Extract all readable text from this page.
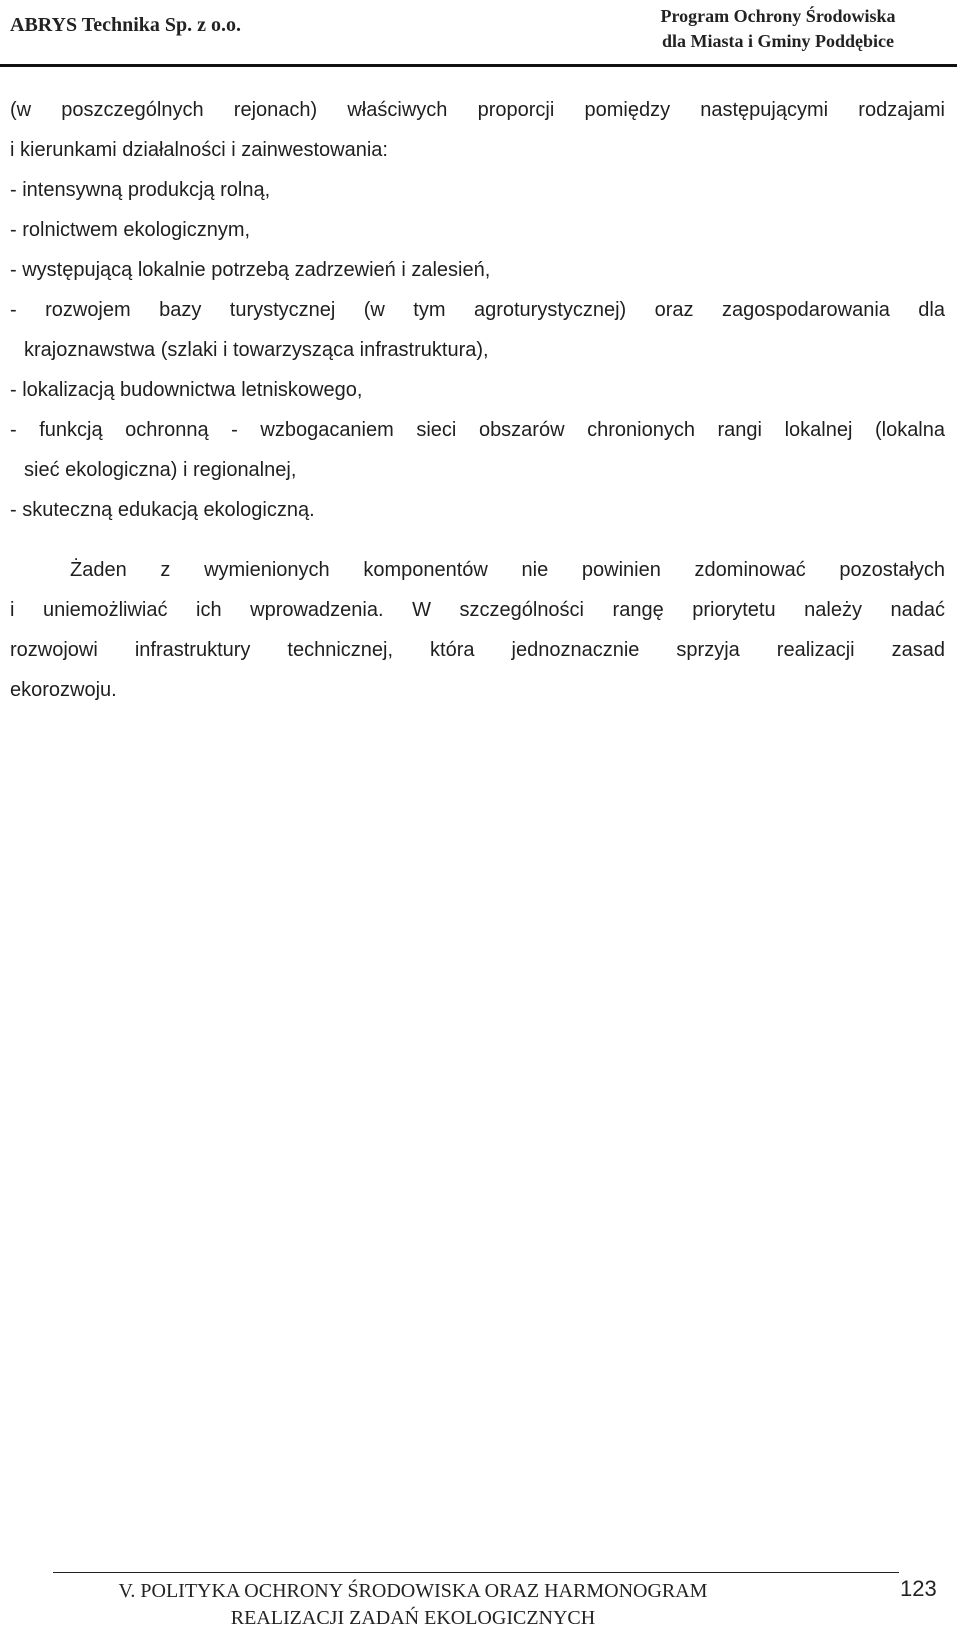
ABRYS Technika Sp. z o.o.	Program Ochrony Środowiska
dla Miasta i Gminy Poddębice
(w poszczególnych rejonach) właściwych proporcji pomiędzy następującymi rodzajami
i kierunkami działalności i zainwestowania:
- intensywną produkcją rolną,
- rolnictwem ekologicznym,
- występującą lokalnie potrzebą zadrzewień i zalesień,
- rozwojem bazy turystycznej (w tym agroturystycznej) oraz zagospodarowania dla
krajoznawstwa (szlaki i towarzysząca infrastruktura),
- lokalizacją budownictwa letniskowego,
- funkcją ochronną - wzbogacaniem sieci obszarów chronionych rangi lokalnej (lokalna
sieć ekologiczna) i regionalnej,
- skuteczną edukacją ekologiczną.
Żaden z wymienionych komponentów nie powinien zdominować pozostałych
i uniemożliwiać ich wprowadzenia. W szczególności rangę priorytetu należy nadać
rozwojowi infrastruktury technicznej, która jednoznacznie sprzyja realizacji zasad
ekorozwoju.
V. POLITYKA OCHRONY ŚRODOWISKA ORAZ HARMONOGRAM
REALIZACJI ZADAŃ EKOLOGICZNYCH
123
